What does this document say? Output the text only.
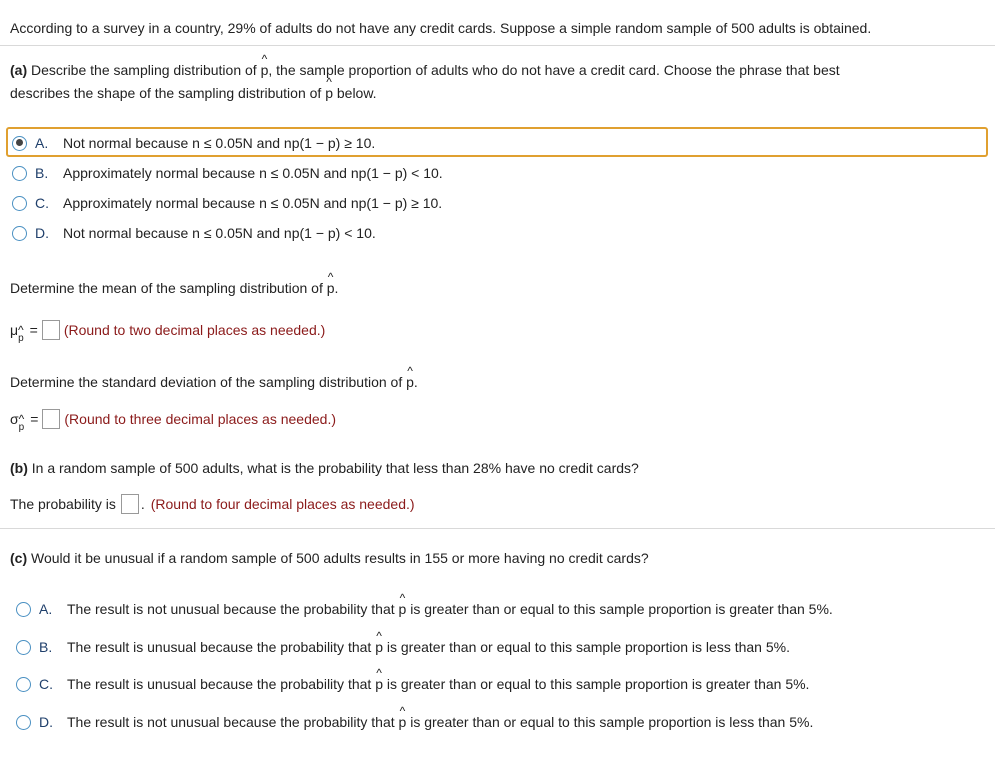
According to a survey in a country, 29% of adults do not have any credit cards. Suppose a simple random sample of 500 adults is obtained.
(a) Describe the sampling distribution of ^ p, the sample proportion of adults who do not have a credit card. Choose the phrase that best
describes the shape of the sampling distribution of ^ p below.
A.	Not normal because n ≤ 0.05N and np(1 − p) ≥ 10.
B.	Approximately normal because n ≤ 0.05N and np(1 − p) < 10.
C.	Approximately normal because n ≤ 0.05N and np(1 − p) ≥ 10.
D.	Not normal because n ≤ 0.05N and np(1 − p) < 10.
Determine the mean of the sampling distribution of ^ p.
μ^ p
= (Round to two decimal places as needed.)
Determine the standard deviation of the sampling distribution of ^ p.
σ^ p
= (Round to three decimal places as needed.)
(b) In a random sample of 500 adults, what is the probability that less than 28% have no credit cards?
The probability is . (Round to four decimal places as needed.)
(c) Would it be unusual if a random sample of 500 adults results in 155 or more having no credit cards?
A.	The result is not unusual because the probability that ^ p is greater than or equal to this sample proportion is greater than 5%.
B.	The result is unusual because the probability that ^ p is greater than or equal to this sample proportion is less than 5%.
C.	The result is unusual because the probability that ^ p is greater than or equal to this sample proportion is greater than 5%.
D.	The result is not unusual because the probability that ^ p is greater than or equal to this sample proportion is less than 5%.
